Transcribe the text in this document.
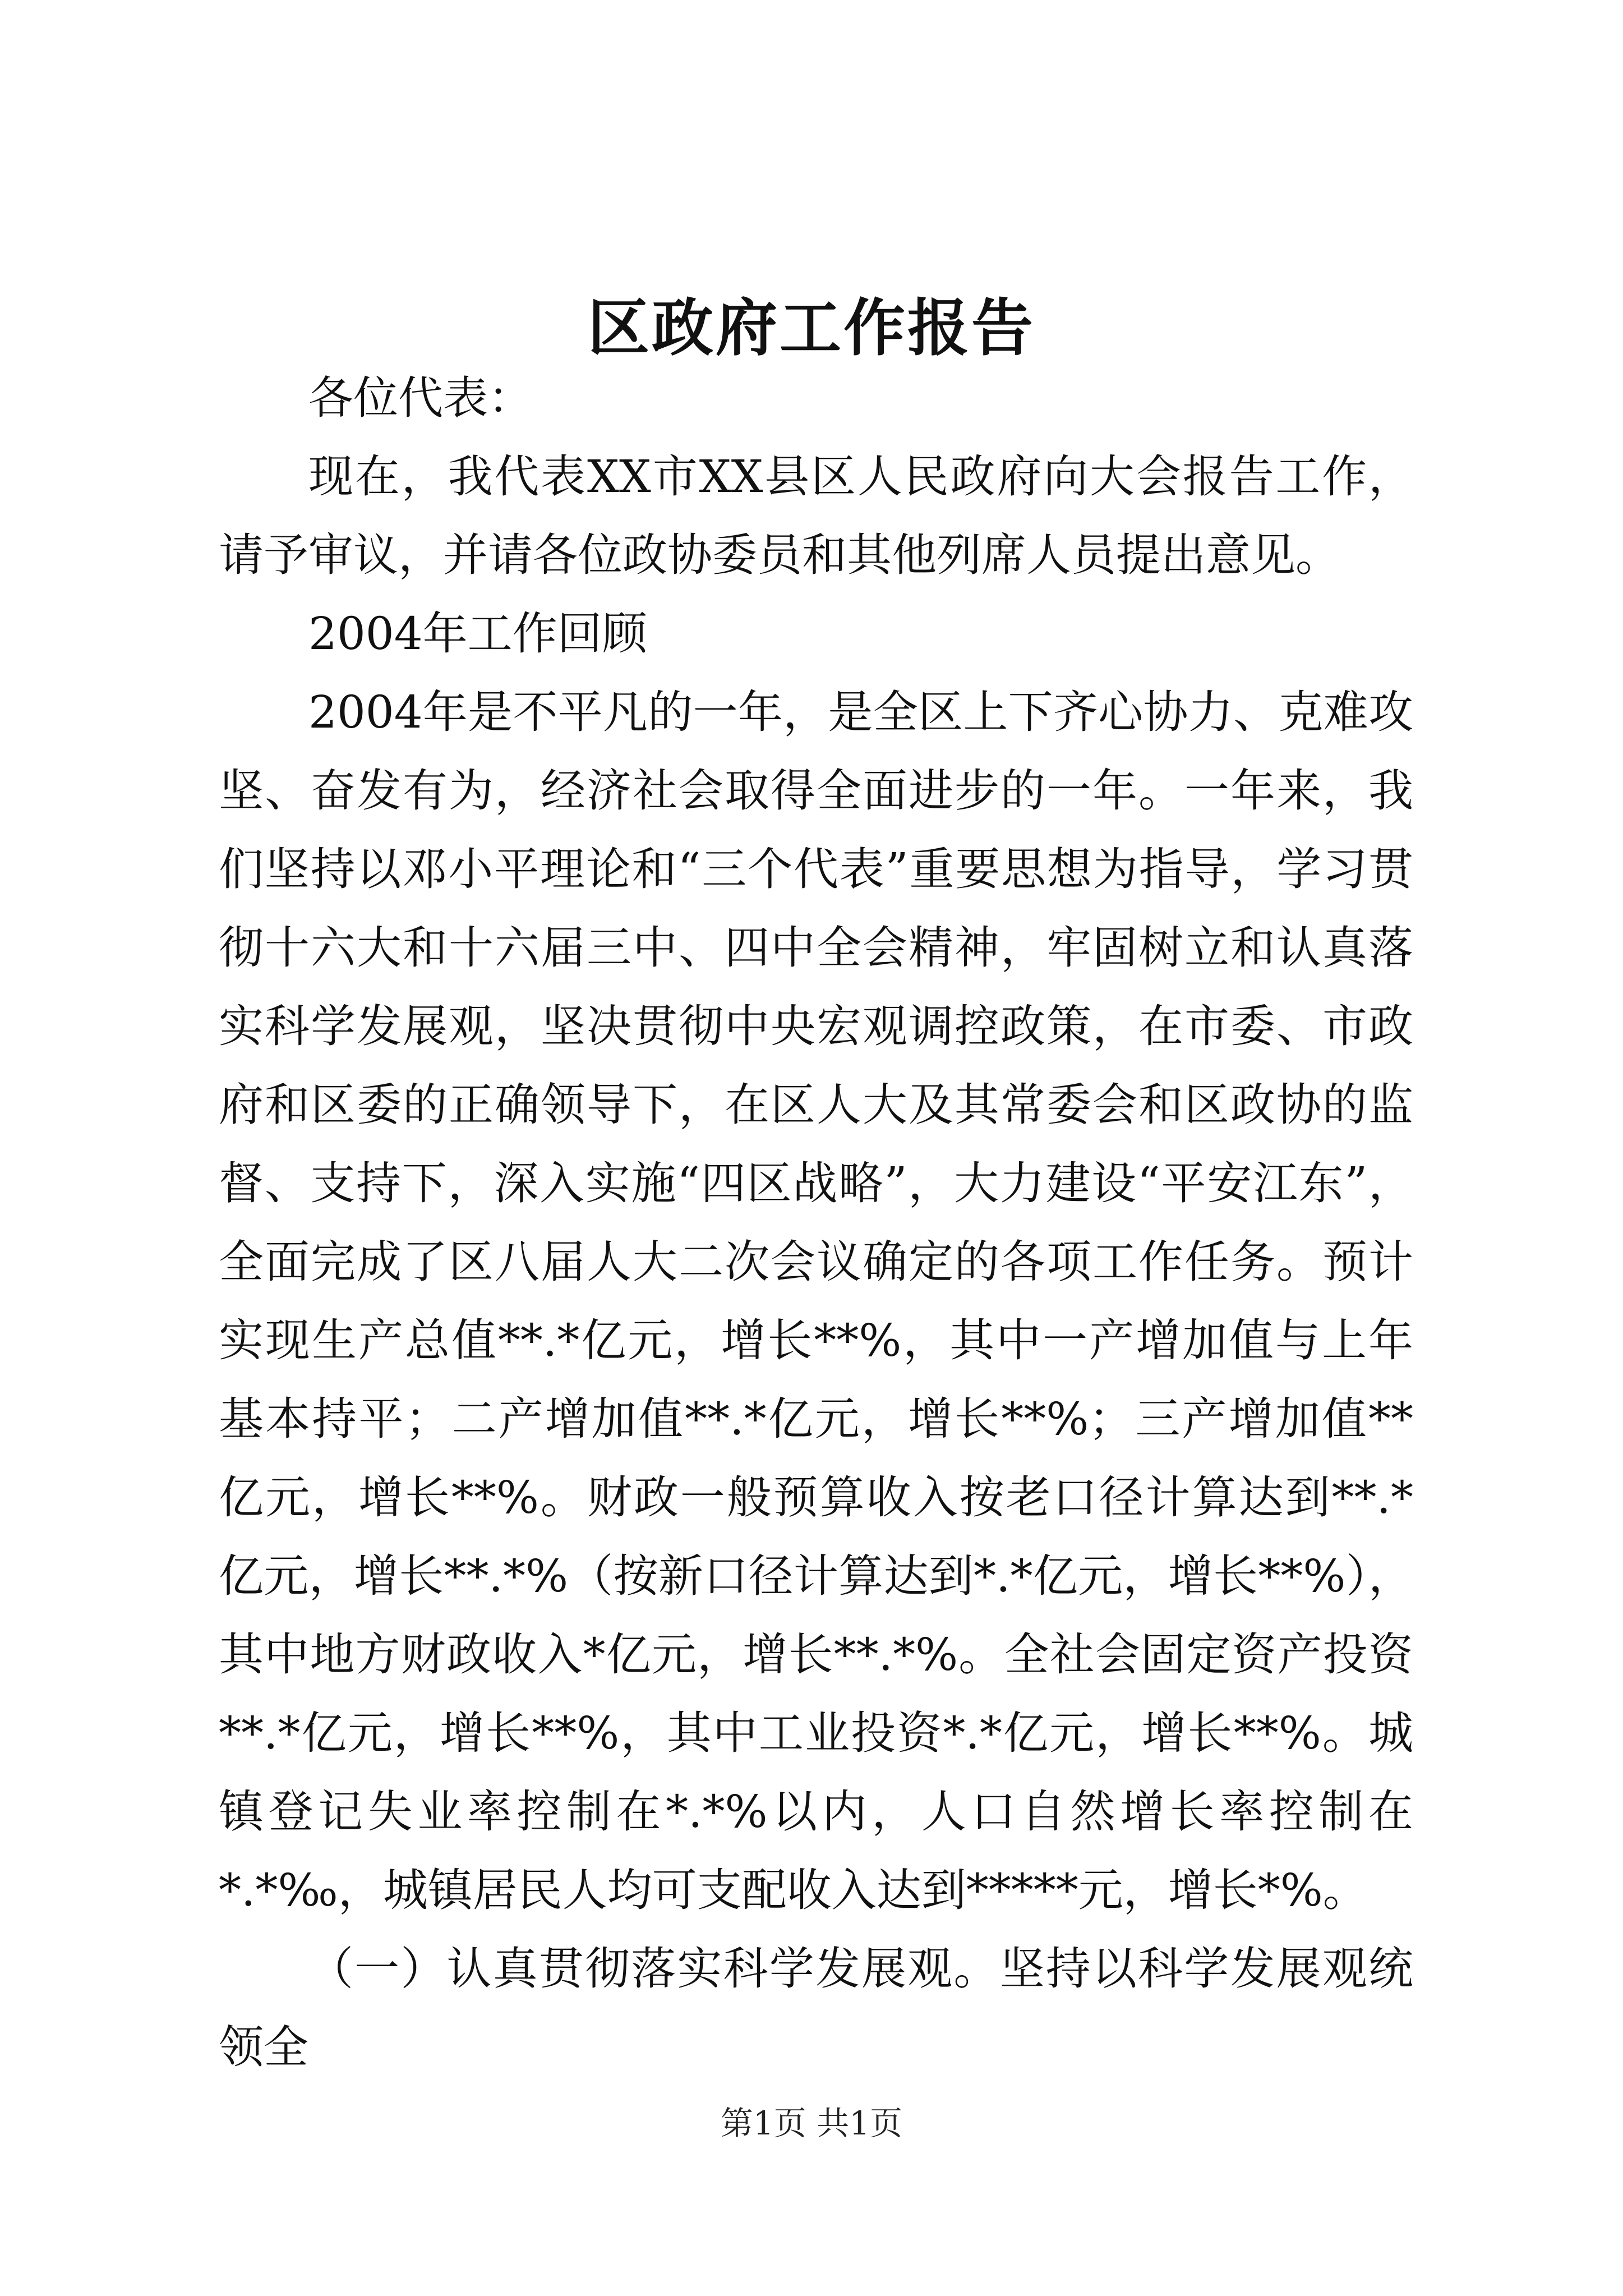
区政府工作报告

各位代表：

现在，我代表XX市XX县区人民政府向大会报告工作，请予审议，并请各位政协委员和其他列席人员提出意见。

2004年工作回顾

2004年是不平凡的一年，是全区上下齐心协力、克难攻坚、奋发有为，经济社会取得全面进步的一年。一年来，我们坚持以邓小平理论和“三个代表”重要思想为指导，学习贯彻十六大和十六届三中、四中全会精神，牢固树立和认真落实科学发展观，坚决贯彻中央宏观调控政策，在市委、市政府和区委的正确领导下，在区人大及其常委会和区政协的监督、支持下，深入实施“四区战略”，大力建设“平安江东”，全面完成了区八届人大二次会议确定的各项工作任务。预计实现生产总值**.*亿元，增长**%，其中一产增加值与上年基本持平；二产增加值**.*亿元，增长**%；三产增加值**亿元，增长**%。财政一般预算收入按老口径计算达到**.*亿元，增长**.*%（按新口径计算达到*.*亿元，增长**%），其中地方财政收入*亿元，增长**.*%。全社会固定资产投资**.*亿元，增长**%，其中工业投资*.*亿元，增长**%。城镇登记失业率控制在*.*%以内，人口自然增长率控制在*.*‰，城镇居民人均可支配收入达到*****元，增长*%。

（一）认真贯彻落实科学发展观。坚持以科学发展观统领全

第1页 共1页
